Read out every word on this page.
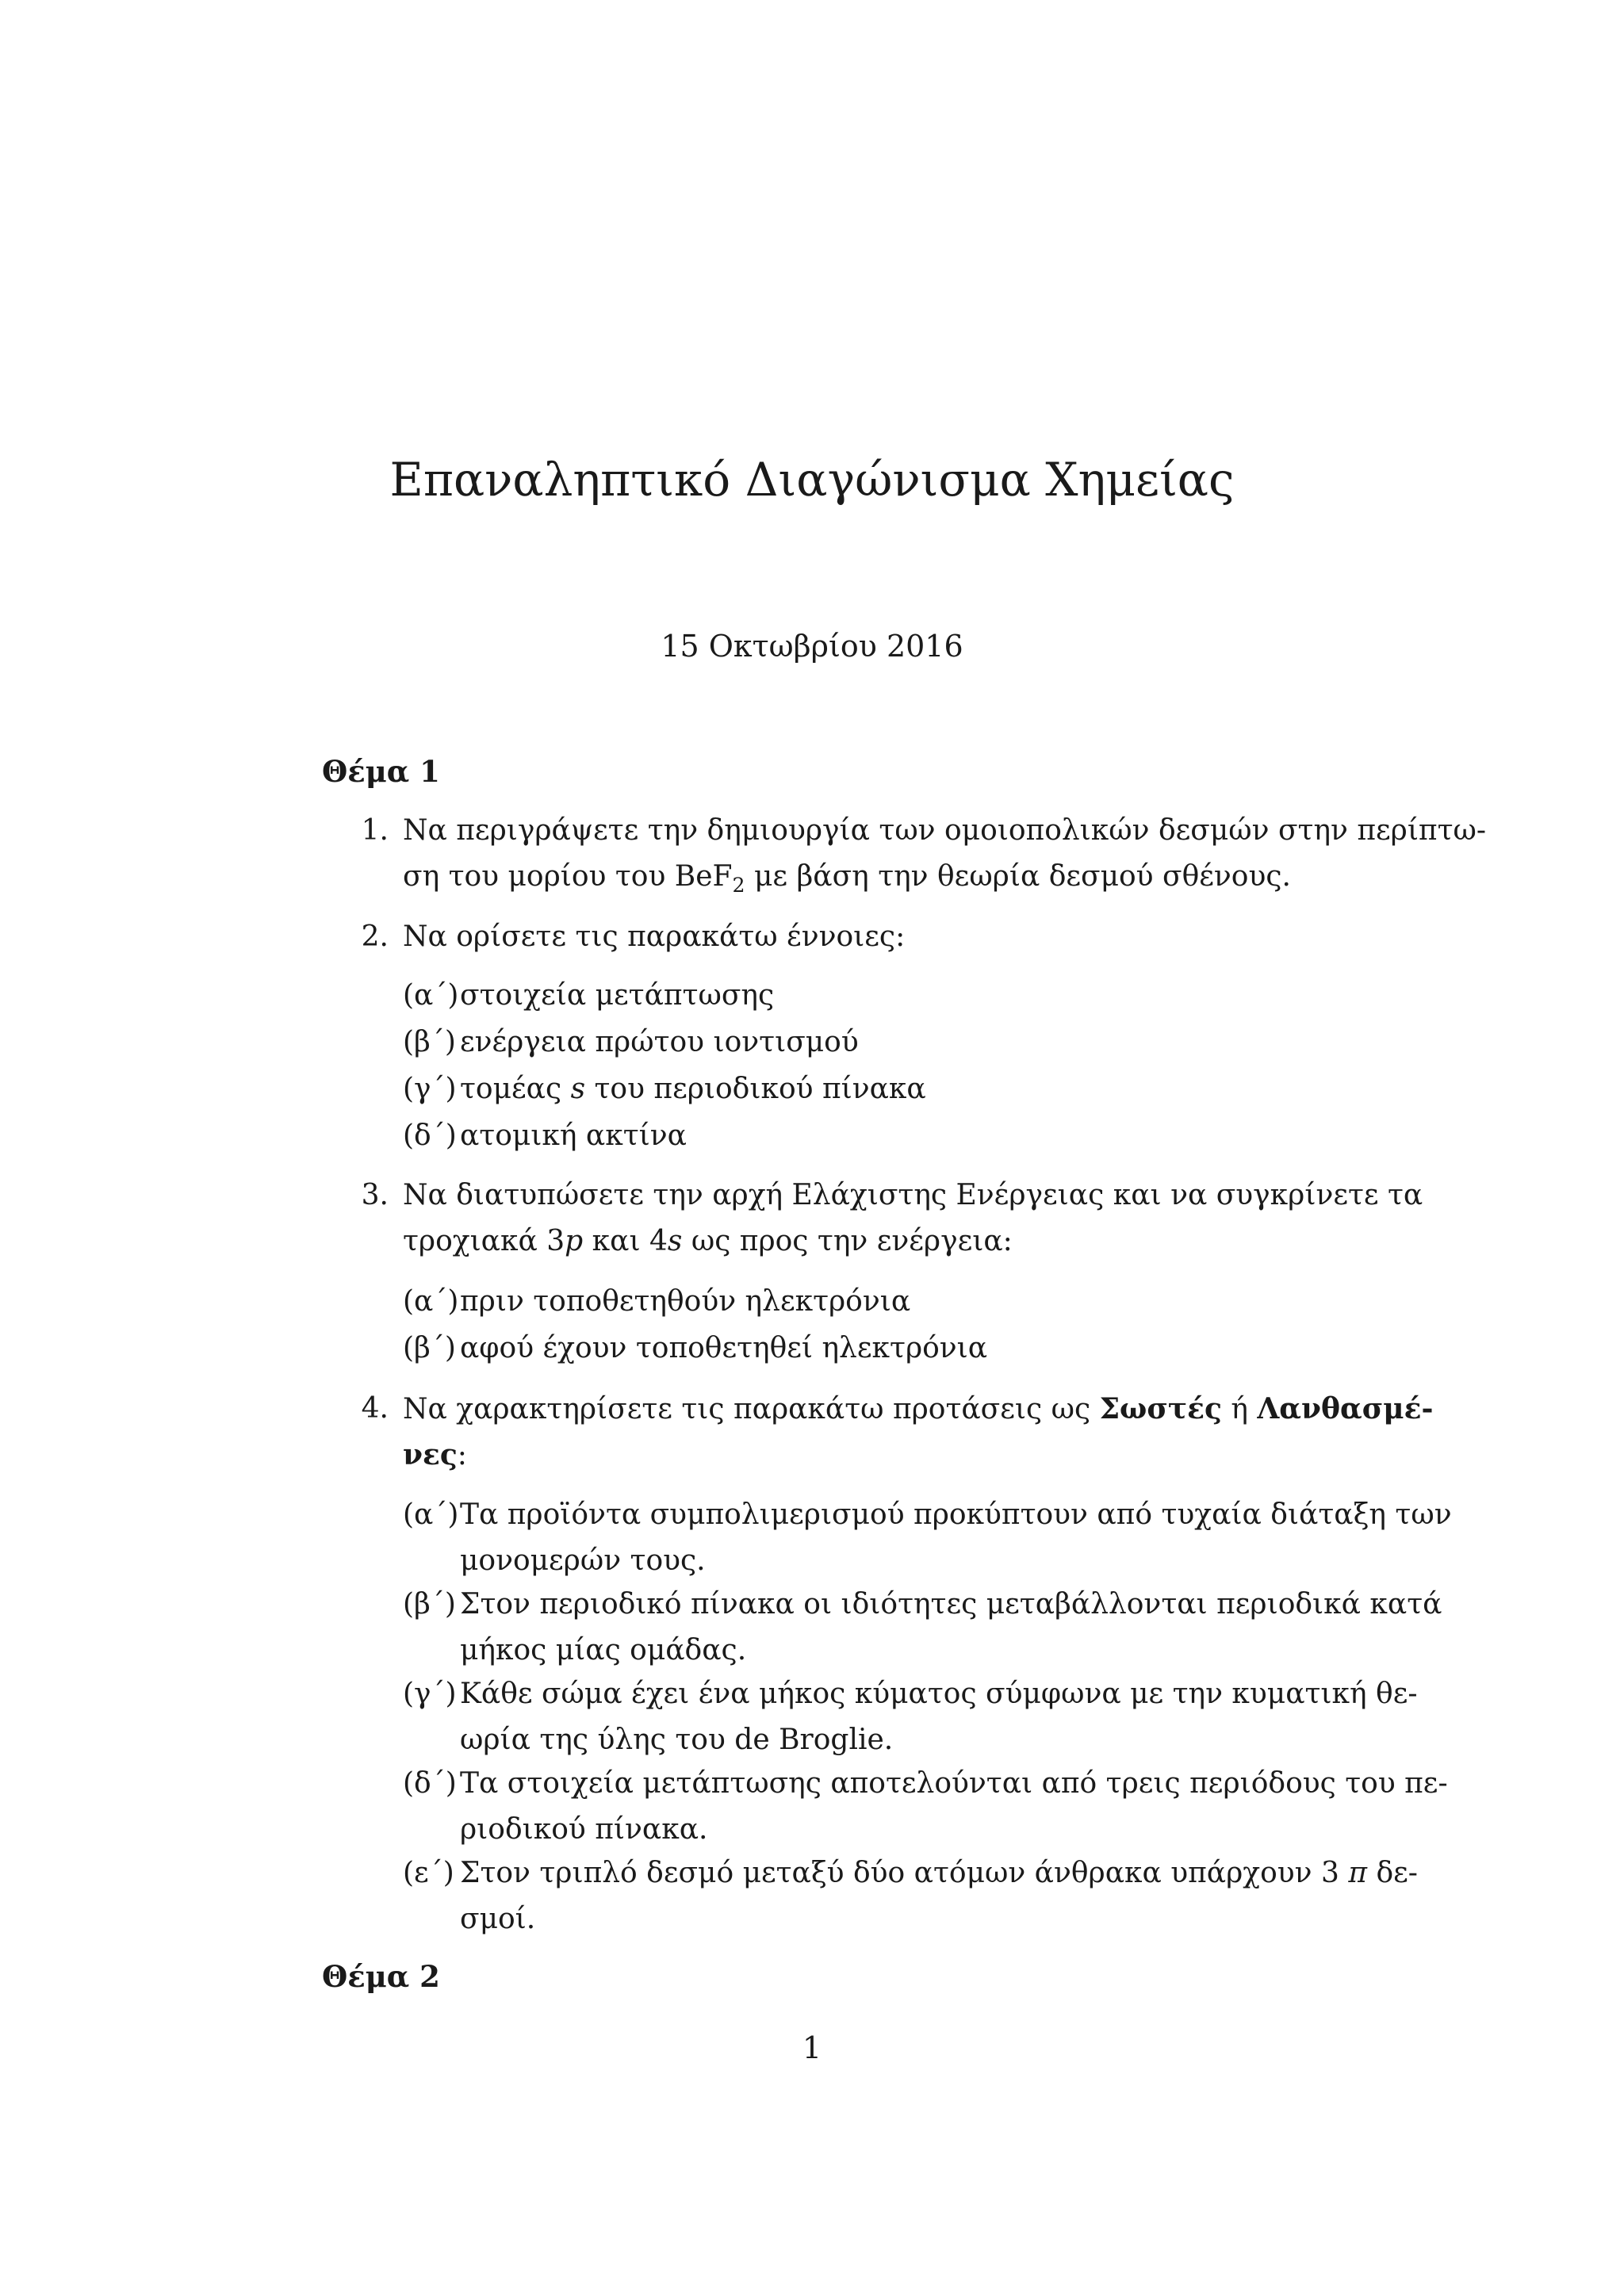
Επαναληπτικό Διαγώνισμα Χημείας
15 Οκτωβρίου 2016
Θέμα 1
1. Να περιγράψετε την δημιουργία των ομοιοπολικών δεσμών στην περίπτω-
ση του μορίου του BeF$_2$ με βάση την θεωρία δεσμού σθένους.
2. Να ορίσετε τις παρακάτω έννοιες:
(α΄) στοιχεία μετάπτωσης
(β΄) ενέργεια πρώτου ιοντισμού
(γ΄) τομέας s του περιοδικού πίνακα
(δ΄) ατομική ακτίνα
3. Να διατυπώσετε την αρχή Ελάχιστης Ενέργειας και να συγκρίνετε τα
τροχιακά 3p και 4s ως προς την ενέργεια:
(α΄) πριν τοποθετηθούν ηλεκτρόνια
(β΄) αφού έχουν τοποθετηθεί ηλεκτρόνια
4. Να χαρακτηρίσετε τις παρακάτω προτάσεις ως Σωστές ή Λανθασμέ-
νες:
(α΄) Τα προϊόντα συμπολιμερισμού προκύπτουν από τυχαία διάταξη των
μονομερών τους.
(β΄) Στον περιοδικό πίνακα οι ιδιότητες μεταβάλλονται περιοδικά κατά
μήκος μίας ομάδας.
(γ΄) Κάθε σώμα έχει ένα μήκος κύματος σύμφωνα με την κυματική θε-
ωρία της ύλης του de Broglie.
(δ΄) Τα στοιχεία μετάπτωσης αποτελούνται από τρεις περιόδους του πε-
ριοδικού πίνακα.
(ε΄) Στον τριπλό δεσμό μεταξύ δύο ατόμων άνθρακα υπάρχουν 3 π δε-
σμοί.
Θέμα 2
1
